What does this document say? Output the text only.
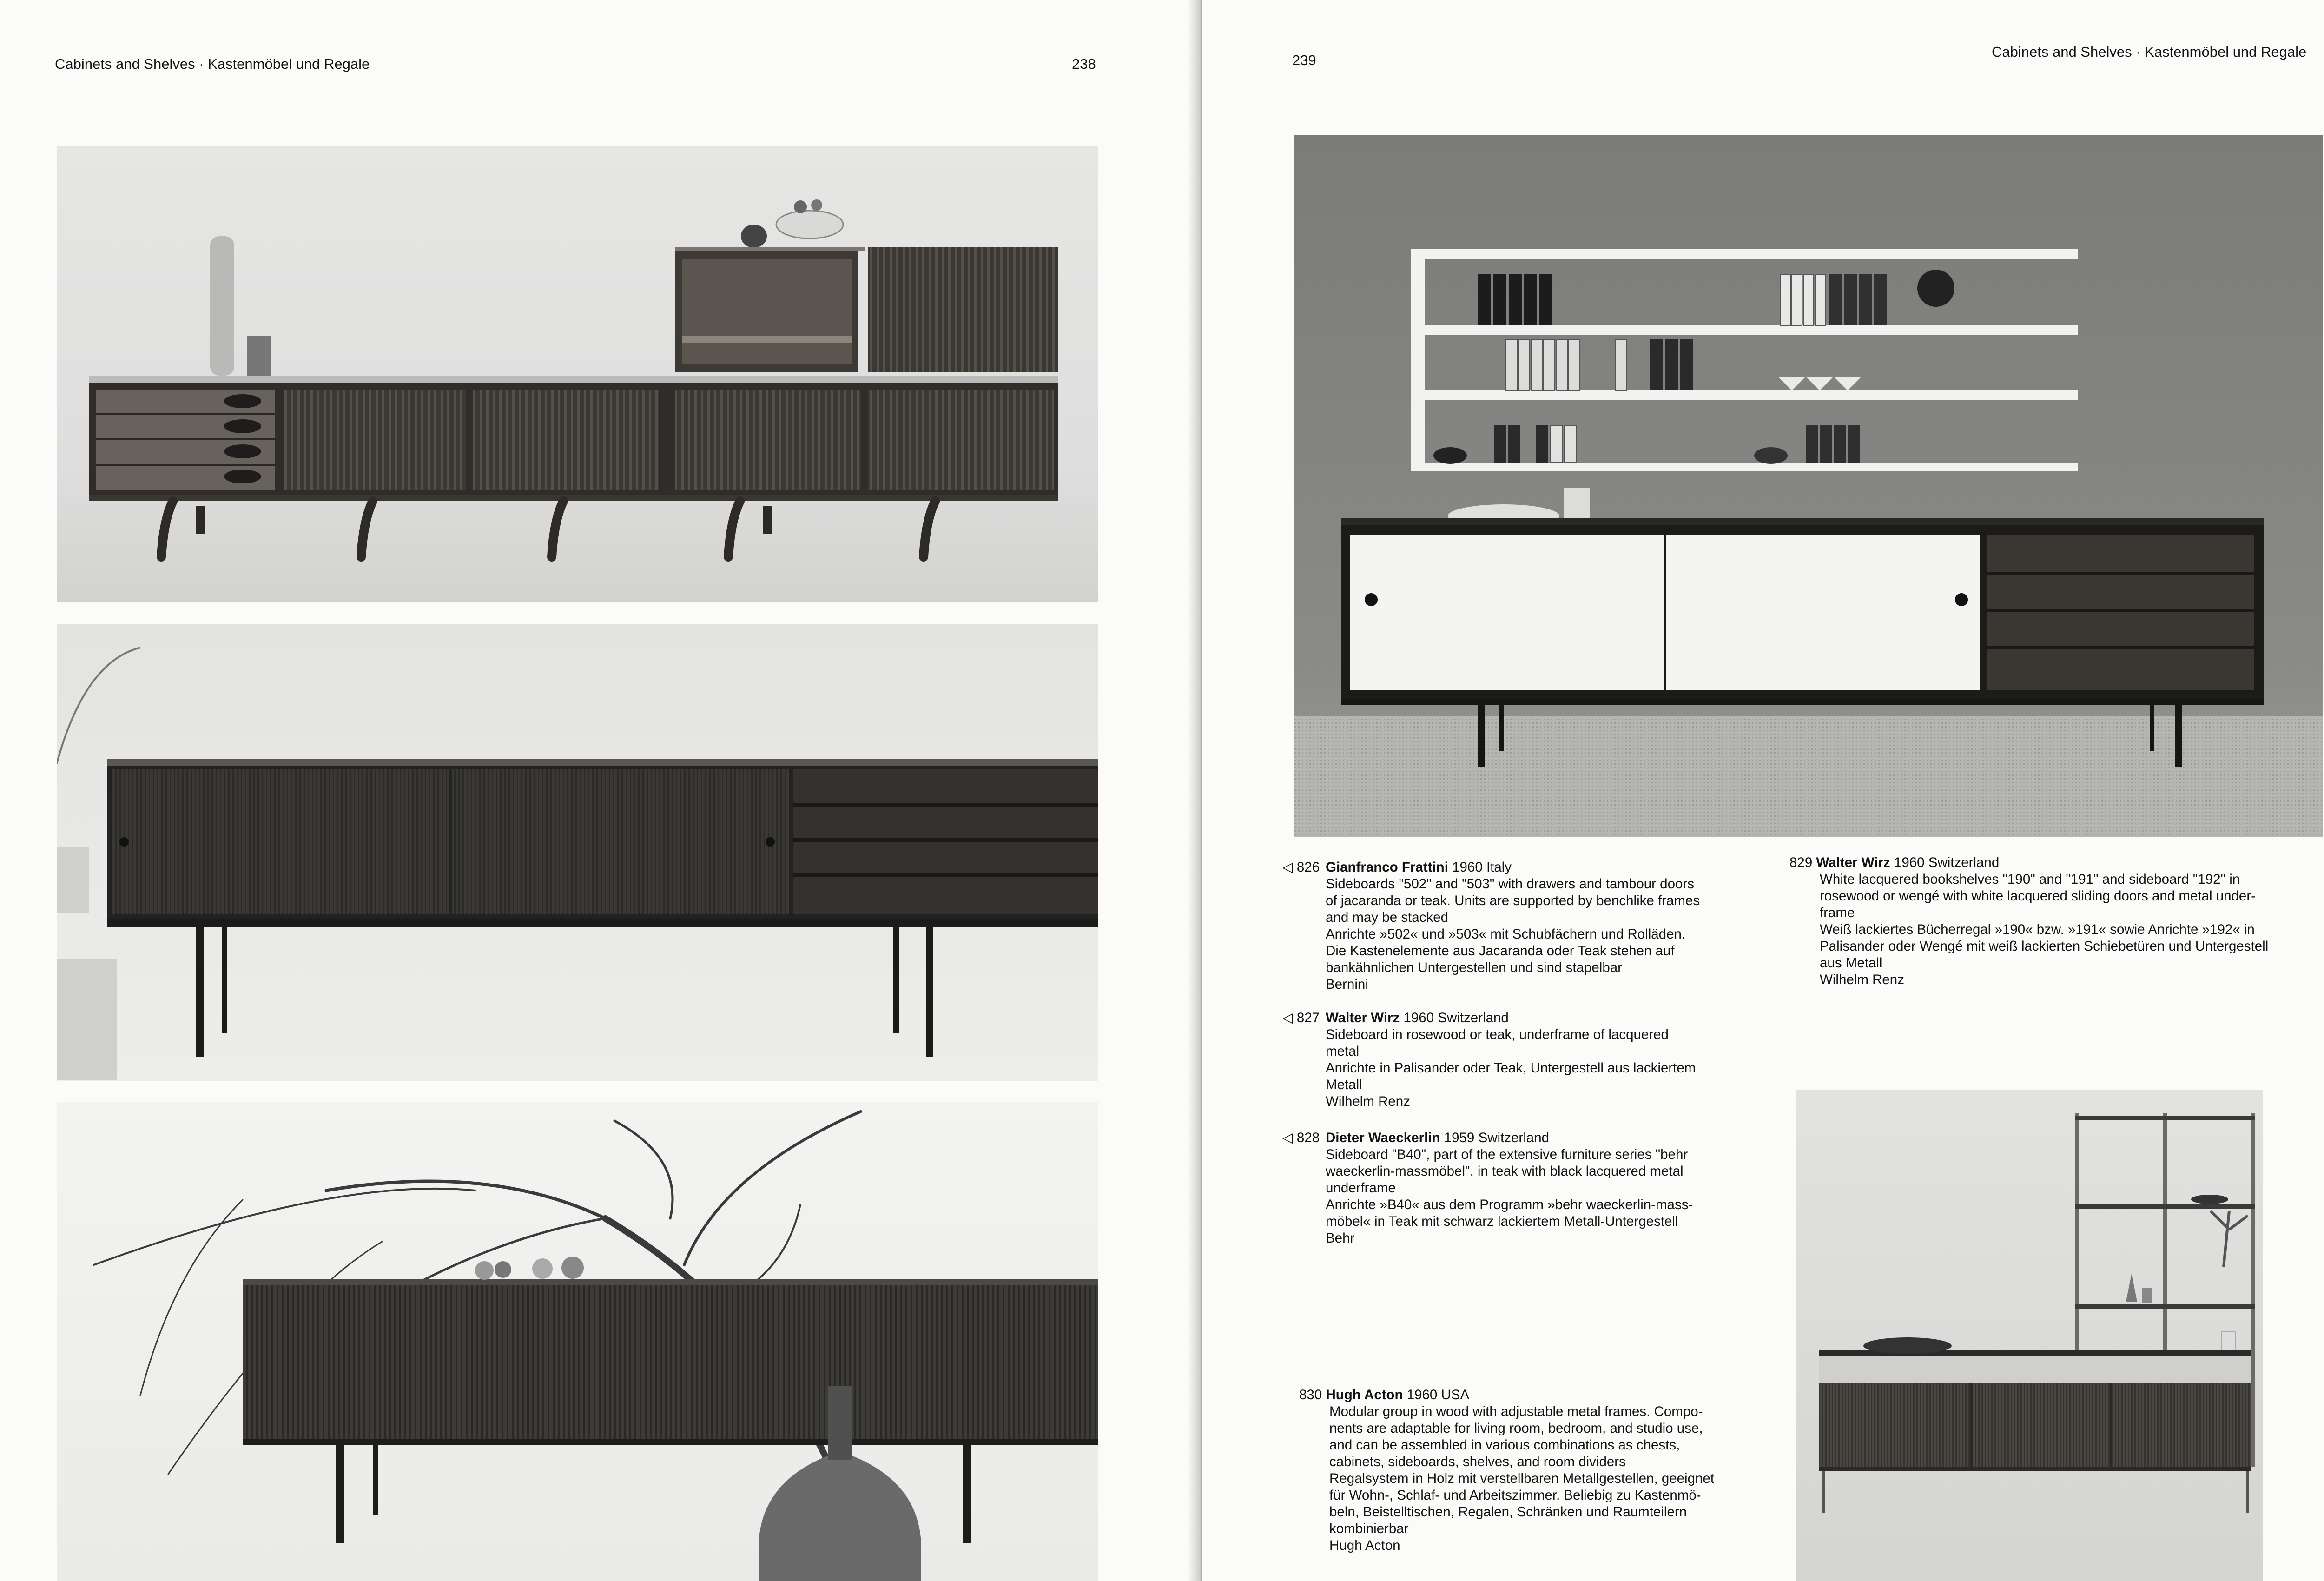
Cabinets and Shelves · Kastenmöbel und Regale	238	239
Cabinets and Shelves · Kastenmöbel und Regale
◁ 826 Gianfranco Frattini 1960 Italy
Sideboards "502" and "503" with drawers and tambour doors
of jacaranda or teak. Units are supported by benchlike frames
and may be stacked
Anrichte »502« und »503« mit Schubfächern und Rolläden.
Die Kastenelemente aus Jacaranda oder Teak stehen auf
bankähnlichen Untergestellen und sind stapelbar
Bernini
◁ 827 Walter Wirz 1960 Switzerland
Sideboard in rosewood or teak, underframe of lacquered
metal
Anrichte in Palisander oder Teak, Untergestell aus lackiertem
Metall
Wilhelm Renz
◁ 828 Dieter Waeckerlin 1959 Switzerland
Sideboard "B40", part of the extensive furniture series "behr
waeckerlin-massmöbel", in teak with black lacquered metal
underframe
Anrichte »B40« aus dem Programm »behr waeckerlin-mass-
möbel« in Teak mit schwarz lackiertem Metall-Untergestell
Behr
829 Walter Wirz 1960 Switzerland
White lacquered bookshelves "190" and "191" and sideboard "192" in
rosewood or wengé with white lacquered sliding doors and metal under-
frame
Weiß lackiertes Bücherregal »190« bzw. »191« sowie Anrichte »192« in
Palisander oder Wengé mit weiß lackierten Schiebetüren und Untergestell
aus Metall
Wilhelm Renz
830 Hugh Acton 1960 USA
Modular group in wood with adjustable metal frames. Compo-
nents are adaptable for living room, bedroom, and studio use,
and can be assembled in various combinations as chests,
cabinets, sideboards, shelves, and room dividers
Regalsystem in Holz mit verstellbaren Metallgestellen, geeignet
für Wohn-, Schlaf- und Arbeitszimmer. Beliebig zu Kastenmö-
beln, Beistelltischen, Regalen, Schränken und Raumteilern
kombinierbar
Hugh Acton
